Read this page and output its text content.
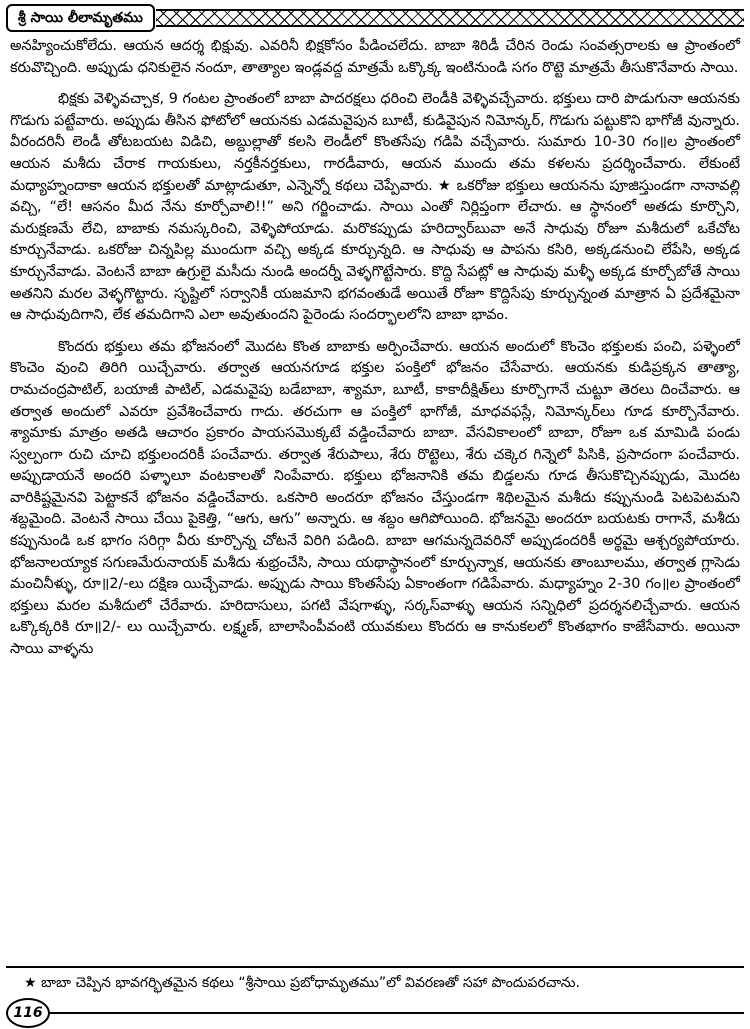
శ్రీ సాయి లీలామృతము

అనహ్యించుకోలేదు. ఆయన ఆదర్శ భిక్షువు. ఎవరినీ భిక్షకోసం పీడించలేదు. బాబా శిరిడీ చేరిన రెండు సంవత్సరాలకు ఆ ప్రాంతంలో కరువొచ్చింది. అప్పుడు ధనికులైన నందూ, తాత్యాల ఇండ్లవద్ద మాత్రమే ఒక్కొక్క ఇంటినుండి సగం రొట్టె మాత్రమే తీసుకొనేవారు సాయి.

భిక్షకు వెళ్ళివచ్చాక, 9 గంటల ప్రాంతంలో బాబా పాదరక్షలు ధరించి లెండీకి వెళ్ళివచ్చేవారు. భక్తులు దారి పొడుగునా ఆయనకు గొడుగు పట్టేవారు. అప్పుడు తీసిన ఫోటోలో ఆయనకు ఎడమవైపున బూటీ, కుడివైపున నిమోన్కర్, గొడుగు పట్టుకొని భాగోజీ వున్నారు. వీరందరినీ లెండీ తోటబయట విడిచి, అబ్దుల్లాతో కలసి లెండీలో కొంతసేపు గడిపి వచ్చేవారు. సుమారు 10-30 గం॥ల ప్రాంతంలో ఆయన మశీదు చేరాక గాయకులు, నర్తకీనర్తకులు, గారడీవారు, ఆయన ముందు తమ కళలను ప్రదర్శించేవారు. లేకుంటే మధ్యాహ్నందాకా ఆయన భక్తులతో మాట్లాడుతూ, ఎన్నెన్నో కథలు చెప్పేవారు. ★ ఒకరోజు భక్తులు ఆయనను పూజిస్తుండగా నానావల్లి వచ్చి, “లే! ఆసనం మీద నేను కూర్చోవాలి!!” అని గర్జించాడు. సాయి ఎంతో నిర్లిప్తంగా లేచారు. ఆ స్థానంలో అతడు కూర్చొని, మరుక్షణమే లేచి, బాబాకు నమస్కరించి, వెళ్ళిపోయాడు. మరొకప్పుడు హరిద్వార్‌బువా అనే సాధువు రోజూ మశీదులో ఒకేచోట కూర్చునేవాడు. ఒకరోజు చిన్నపిల్ల ముందుగా వచ్చి అక్కడ కూర్చున్నది. ఆ సాధువు ఆ పాపను కసిరి, అక్కడనుంచి లేపేసి, అక్కడ కూర్చునేవాడు. వెంటనే బాబా ఉగ్రులై మసీదు నుండి అందర్నీ వెళ్ళగొట్టేసారు. కొద్ది సేపట్లో ఆ సాధువు మళ్ళీ అక్కడ కూర్చోబోతే సాయి అతనిని మరల వెళ్ళగొట్టారు. సృష్టిలో సర్వానికీ యజమాని భగవంతుడే అయితే రోజూ కొద్దిసేపు కూర్చున్నంత మాత్రాన ఏ ప్రదేశమైనా ఆ సాధువుదిగాని, లేక తమదిగాని ఎలా అవుతుందని పైరెండు సందర్భాలలోని బాబా భావం.

కొందరు భక్తులు తమ భోజనంలో మొదట కొంత బాబాకు అర్పించేవారు. ఆయన అందులో కొంచెం భక్తులకు పంచి, పళ్ళెంలో కొంచెం వుంచి తిరిగి యిచ్చేవారు. తర్వాత ఆయనగూడ భక్తుల పంక్తిలో భోజనం చేసేవారు. ఆయనకు కుడిప్రక్కన తాత్యా, రామచంద్రపాటిల్, బయాజీ పాటిల్, ఎడమవైపు బడేబాబా, శ్యామా, బూటీ, కాకాదీక్షిత్‌లు కూర్చొగానే చుట్టూ తెరలు దించేవారు. ఆ తర్వాత అందులో ఎవరూ ప్రవేశించేవారు గాదు. తరచుగా ఆ పంక్తిలో భాగోజీ, మాధవఫస్లే, నిమోన్కర్‌లు గూడ కూర్చొనేవారు. శ్యామాకు మాత్రం అతడి ఆచారం ప్రకారం పాయసమొక్కటే వడ్డించేవారు బాబా. వేసవికాలంలో బాబా, రోజూ ఒక మామిడి పండు స్వల్పంగా రుచి చూచి భక్తులందరికీ పంచేవారు. తర్వాత శేరుపాలు, శేరు రొట్టెలు, శేరు చక్కెర గిన్నెలో పిసికి, ప్రసాదంగా పంచేవారు. అప్పుడాయనే అందరి పళ్ళాలూ వంటకాలతో నింపేవారు. భక్తులు భోజనానికి తమ బిడ్డలను గూడ తీసుకొచ్చినప్పుడు, మొదట వారికిష్టమైనవి పెట్టాకనే భోజనం వడ్డించేవారు. ఒకసారి అందరూ భోజనం చేస్తుండగా శిథిలమైన మశీదు కప్పునుండి పెటపెటమని శబ్దమైంది. వెంటనే సాయి చేయి పైకెత్తి, “ఆగు, ఆగు” అన్నారు. ఆ శబ్దం ఆగిపోయింది. భోజనమై అందరూ బయటకు రాగానే, మశీదు కప్పునుండి ఒక భాగం సరిగ్గా వీరు కూర్చొన్న చోటనే విరిగి పడింది. బాబా ఆగమన్నదెవరినో అప్పుడందరికీ అర్థమై ఆశ్చర్యపోయారు. భోజనాలయ్యాక సగుణమేరునాయక్ మశీదు శుభ్రంచేసి, సాయి యథాస్థానంలో కూర్చున్నాక, ఆయనకు తాంబూలము, తర్వాత గ్లాసెడు మంచినీళ్ళు, రూ॥2/-లు దక్షిణ యిచ్చేవాడు. అప్పుడు సాయి కొంతసేపు ఏకాంతంగా గడిపేవారు. మధ్యాహ్నం 2-30 గం॥ల ప్రాంతంలో భక్తులు మరల మశీదులో చేరేవారు. హరిదాసులు, పగటి వేషగాళ్ళు, సర్కస్‌వాళ్ళు ఆయన సన్నిధిలో ప్రదర్శనలిచ్చేవారు. ఆయన ఒక్కొక్కరికి రూ॥2/- లు యిచ్చేవారు. లక్ష్మణ్, బాలాసింపీవంటి యువకులు కొందరు ఆ కానుకలలో కొంతభాగం కాజేసేవారు. అయినా సాయి వాళ్ళను

★ బాబా చెప్పిన భావగర్భితమైన కథలు “శ్రీసాయి ప్రబోధామృతము”లో వివరణతో సహా పొందుపరచాను.
116
